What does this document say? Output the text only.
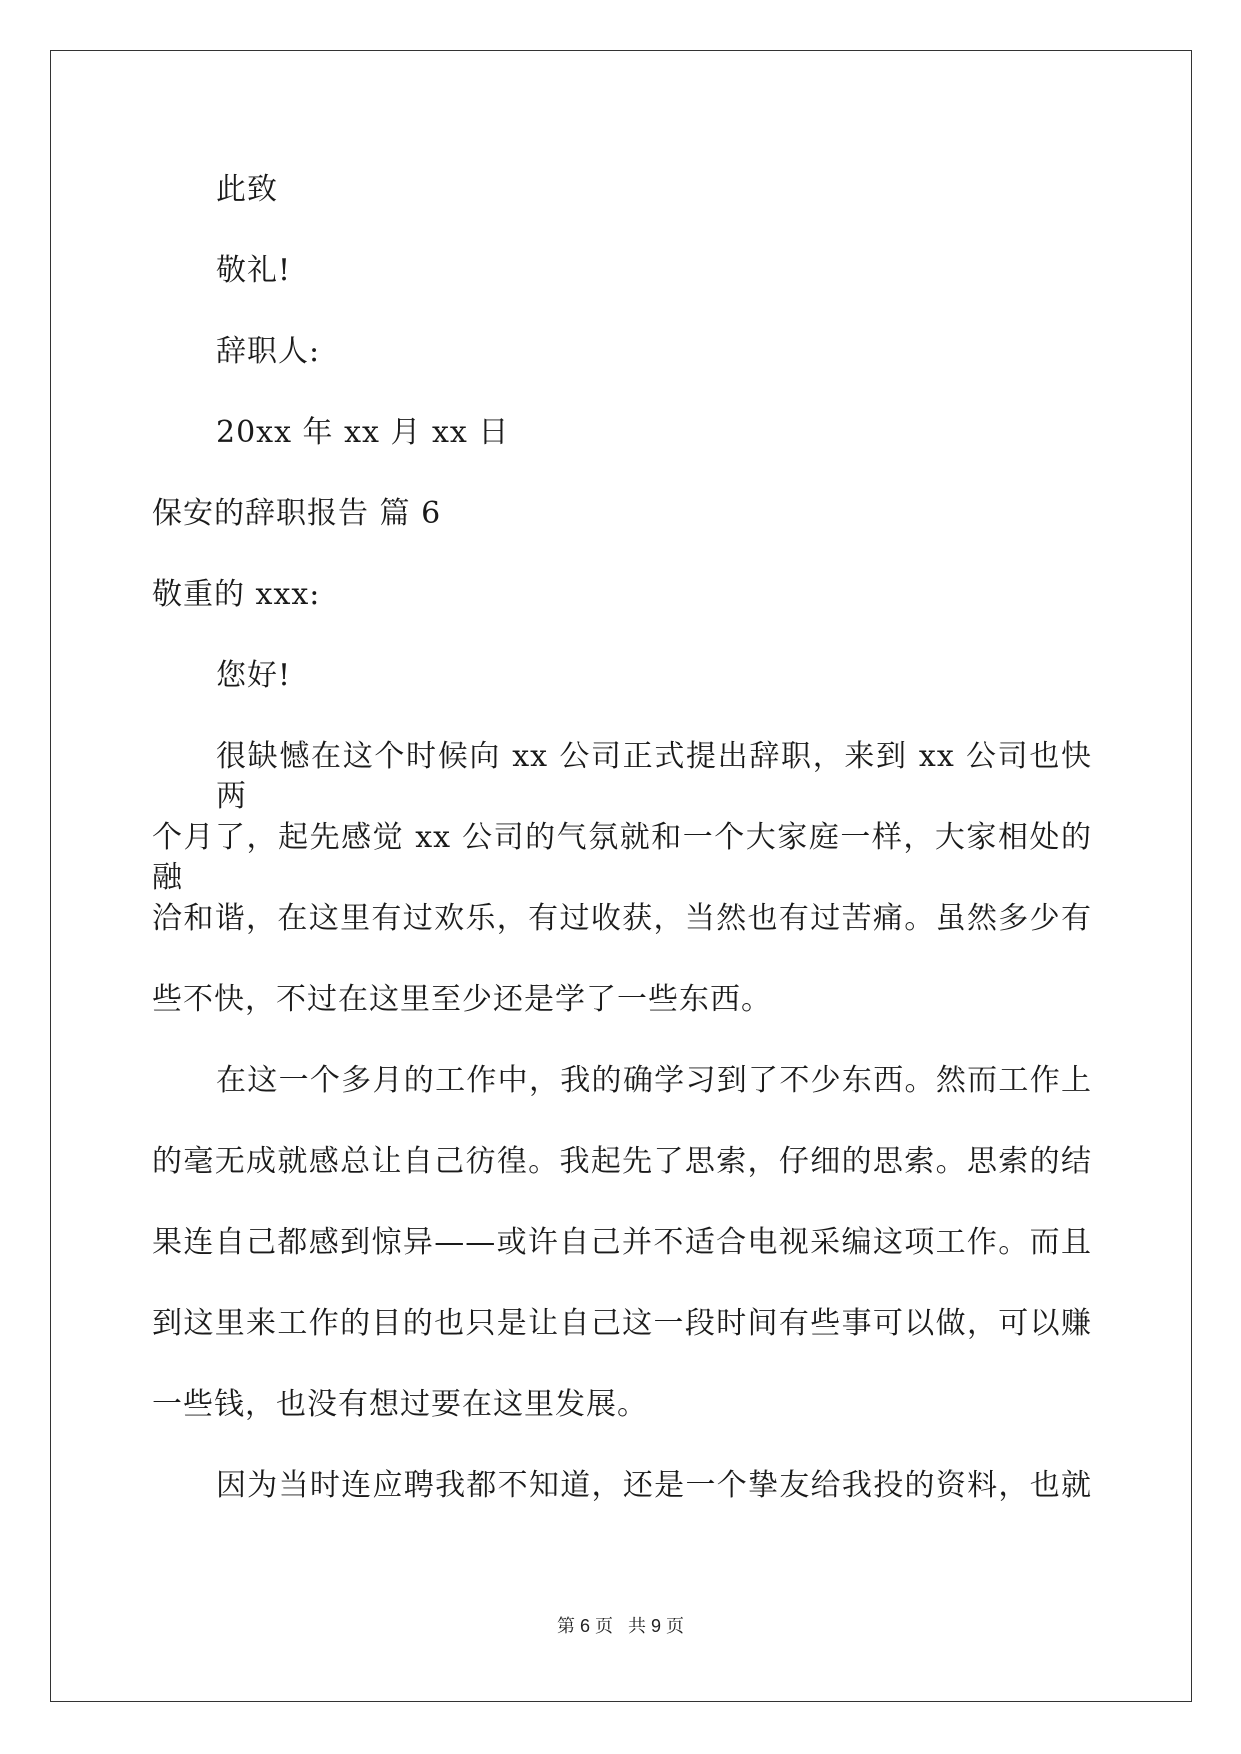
此致
敬礼!
辞职人:
20xx 年 xx 月 xx 日
保安的辞职报告 篇 6
敬重的 xxx:
您好!
很缺憾在这个时候向 xx 公司正式提出辞职，来到 xx 公司也快两
个月了，起先感觉 xx 公司的气氛就和一个大家庭一样，大家相处的融
洽和谐，在这里有过欢乐，有过收获，当然也有过苦痛。虽然多少有
些不快，不过在这里至少还是学了一些东西。
在这一个多月的工作中，我的确学习到了不少东西。然而工作上
的毫无成就感总让自己彷徨。我起先了思索，仔细的思索。思索的结
果连自己都感到惊异——或许自己并不适合电视采编这项工作。而且
到这里来工作的目的也只是让自己这一段时间有些事可以做，可以赚
一些钱，也没有想过要在这里发展。
因为当时连应聘我都不知道，还是一个挚友给我投的资料，也就
第 6 页   共 9 页
